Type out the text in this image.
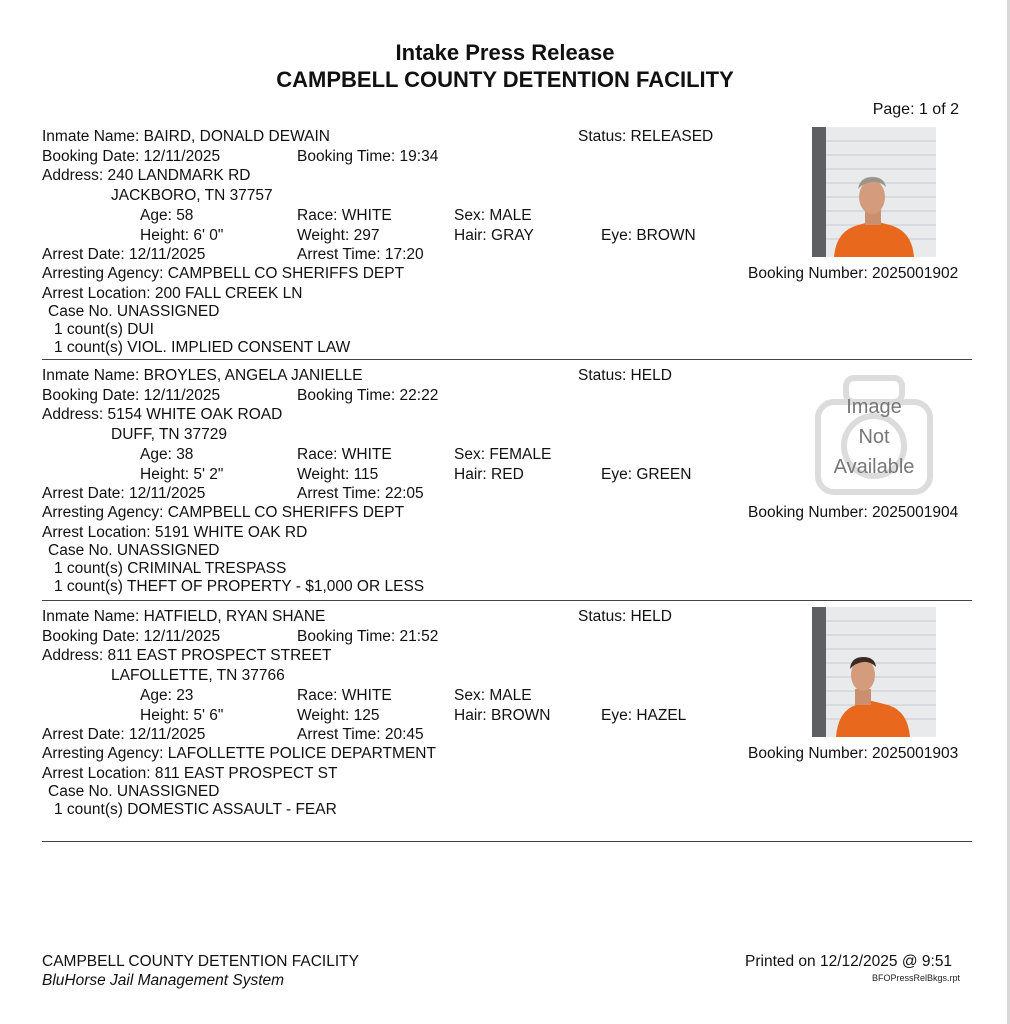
Intake Press Release
CAMPBELL COUNTY DETENTION FACILITY
Page: 1 of 2
Inmate Name: BAIRD, DONALD DEWAIN	Status: RELEASED
Booking Date: 12/11/2025	Booking Time: 19:34
Address: 240 LANDMARK RD
JACKBORO, TN 37757
Age: 58	Race: WHITE	Sex: MALE
Height: 6' 0"	Weight: 297	Hair: GRAY	Eye: BROWN
Arrest Date: 12/11/2025	Arrest Time: 17:20
Arresting Agency: CAMPBELL CO SHERIFFS DEPT	Booking Number: 2025001902
Arrest Location: 200 FALL CREEK LN
Case No. UNASSIGNED
1 count(s) DUI
1 count(s) VIOL. IMPLIED CONSENT LAW
Inmate Name: BROYLES, ANGELA JANIELLE	Status: HELD
Booking Date: 12/11/2025	Booking Time: 22:22
Address: 5154 WHITE OAK ROAD
DUFF, TN 37729
Age: 38	Race: WHITE	Sex: FEMALE
Height: 5' 2"	Weight: 115	Hair: RED	Eye: GREEN
Arrest Date: 12/11/2025	Arrest Time: 22:05
Arresting Agency: CAMPBELL CO SHERIFFS DEPT	Booking Number: 2025001904
Arrest Location: 5191 WHITE OAK RD
Case No. UNASSIGNED
1 count(s) CRIMINAL TRESPASS
1 count(s) THEFT OF PROPERTY - $1,000 OR LESS
Image
Not
Available
Inmate Name: HATFIELD, RYAN SHANE	Status: HELD
Booking Date: 12/11/2025	Booking Time: 21:52
Address: 811 EAST PROSPECT STREET
LAFOLLETTE, TN 37766
Age: 23	Race: WHITE	Sex: MALE
Height: 5' 6"	Weight: 125	Hair: BROWN	Eye: HAZEL
Arrest Date: 12/11/2025	Arrest Time: 20:45
Arresting Agency: LAFOLLETTE POLICE DEPARTMENT	Booking Number: 2025001903
Arrest Location: 811 EAST PROSPECT ST
Case No. UNASSIGNED
1 count(s) DOMESTIC ASSAULT - FEAR
CAMPBELL COUNTY DETENTION FACILITY
BluHorse Jail Management System
Printed on 12/12/2025 @ 9:51
BFOPressRelBkgs.rpt
